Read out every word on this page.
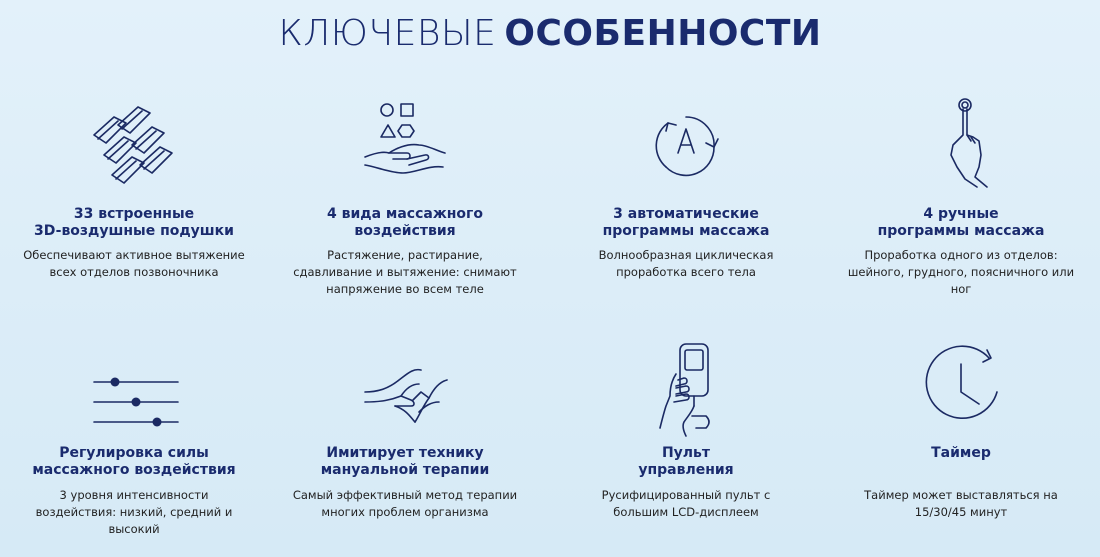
КЛЮЧЕВЫЕ ОСОБЕННОСТИ
33 встроенные
3D-воздушные подушки
Обеспечивают активное вытяжение
всех отделов позвоночника
4 вида массажного
воздействия
Растяжение, растирание,
сдавливание и вытяжение: снимают
напряжение во всем теле
3 автоматические
программы массажа
Волнообразная циклическая
проработка всего тела
4 ручные
программы массажа
Проработка одного из отделов:
шейного, грудного, поясничного или
ног
Регулировка силы
массажного воздействия
3 уровня интенсивности
воздействия: низкий, средний и
высокий
Имитирует технику
мануальной терапии
Самый эффективный метод терапии
многих проблем организма
Пульт
управления
Русифицированный пульт с
большим LCD-дисплеем
Таймер
Таймер может выставляться на
15/30/45 минут
